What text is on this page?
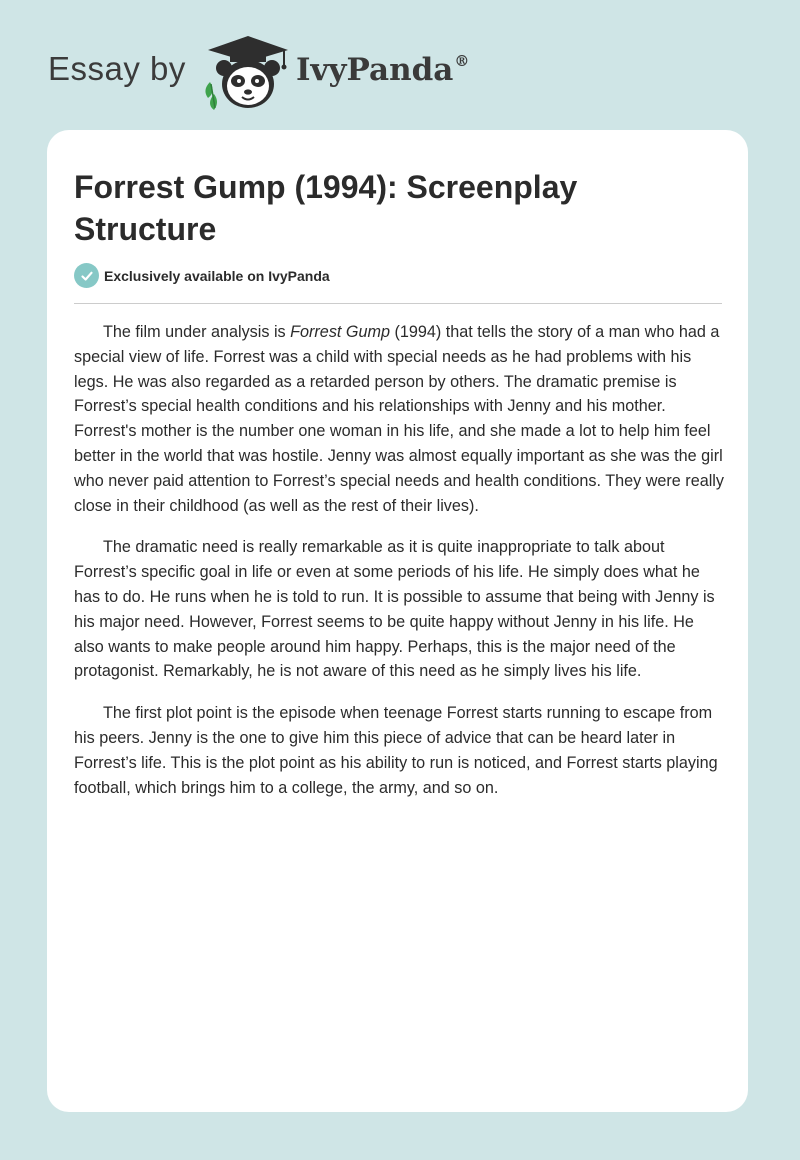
Essay by	IvyPanda®
Forrest Gump (1994): Screenplay Structure
Exclusively available on IvyPanda

The film under analysis is Forrest Gump (1994) that tells the story of a man who had a special view of life. Forrest was a child with special needs as he had problems with his legs. He was also regarded as a retarded person by others. The dramatic premise is Forrest’s special health conditions and his relationships with Jenny and his mother. Forrest's mother is the number one woman in his life, and she made a lot to help him feel better in the world that was hostile. Jenny was almost equally important as she was the girl who never paid attention to Forrest’s special needs and health conditions. They were really close in their childhood (as well as the rest of their lives).

The dramatic need is really remarkable as it is quite inappropriate to talk about Forrest’s specific goal in life or even at some periods of his life. He simply does what he has to do. He runs when he is told to run. It is possible to assume that being with Jenny is his major need. However, Forrest seems to be quite happy without Jenny in his life. He also wants to make people around him happy. Perhaps, this is the major need of the protagonist. Remarkably, he is not aware of this need as he simply lives his life.

The first plot point is the episode when teenage Forrest starts running to escape from his peers. Jenny is the one to give him this piece of advice that can be heard later in Forrest’s life. This is the plot point as his ability to run is noticed, and Forrest starts playing football, which brings him to a college, the army, and so on.
